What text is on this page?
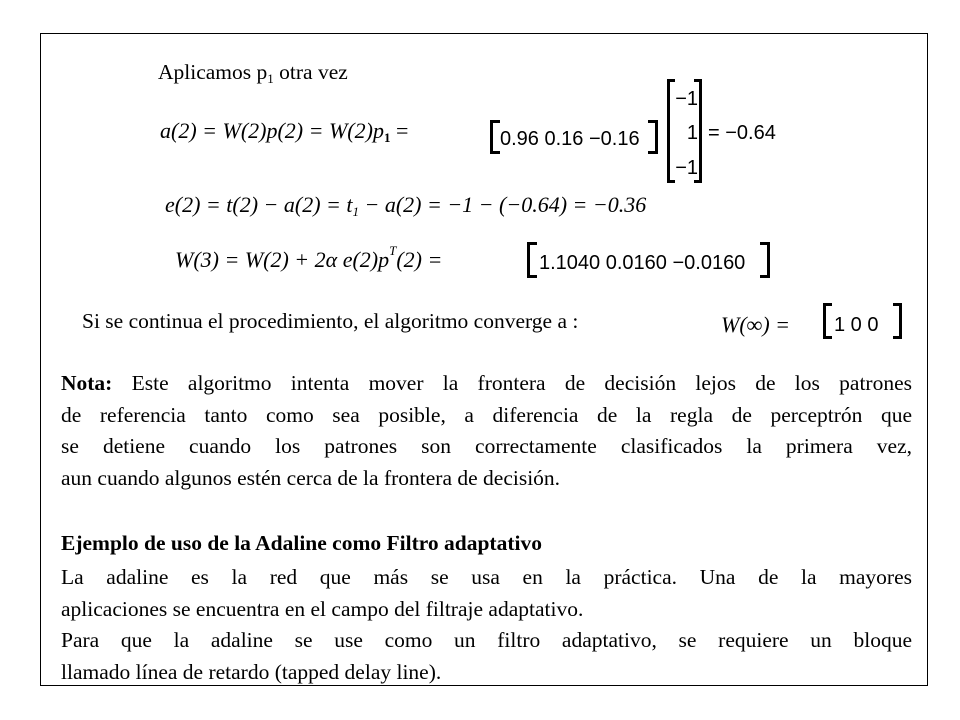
Aplicamos $p_1$ otra vez
$a(2) = W(2)p(2) = W(2)p_1$ =	0.96 0.16 −0.16
−1
1
−1
= −0.64
$e(2) = t(2) - a(2) = t_1 - a(2) = -1 - (-0.64) = -0.36$
W(3) = W(2) + 2α $e(2)p^T(2)$ =	1.1040 0.0160 −0.0160
Si se continua el procedimiento, el algoritmo converge a :	W(∞) = 1 0 0
Nota: Este algoritmo intenta mover la frontera de decisión lejos de los patrones
de referencia tanto como sea posible, a diferencia de la regla de perceptrón que
se detiene cuando los patrones son correctamente clasificados la primera vez,
aun cuando algunos estén cerca de la frontera de decisión.
Ejemplo de uso de la Adaline como Filtro adaptativo
La adaline es la red que más se usa en la práctica. Una de la mayores
aplicaciones se encuentra en el campo del filtraje adaptativo.
Para que la adaline se use como un filtro adaptativo, se requiere un bloque
llamado línea de retardo (tapped delay line).
